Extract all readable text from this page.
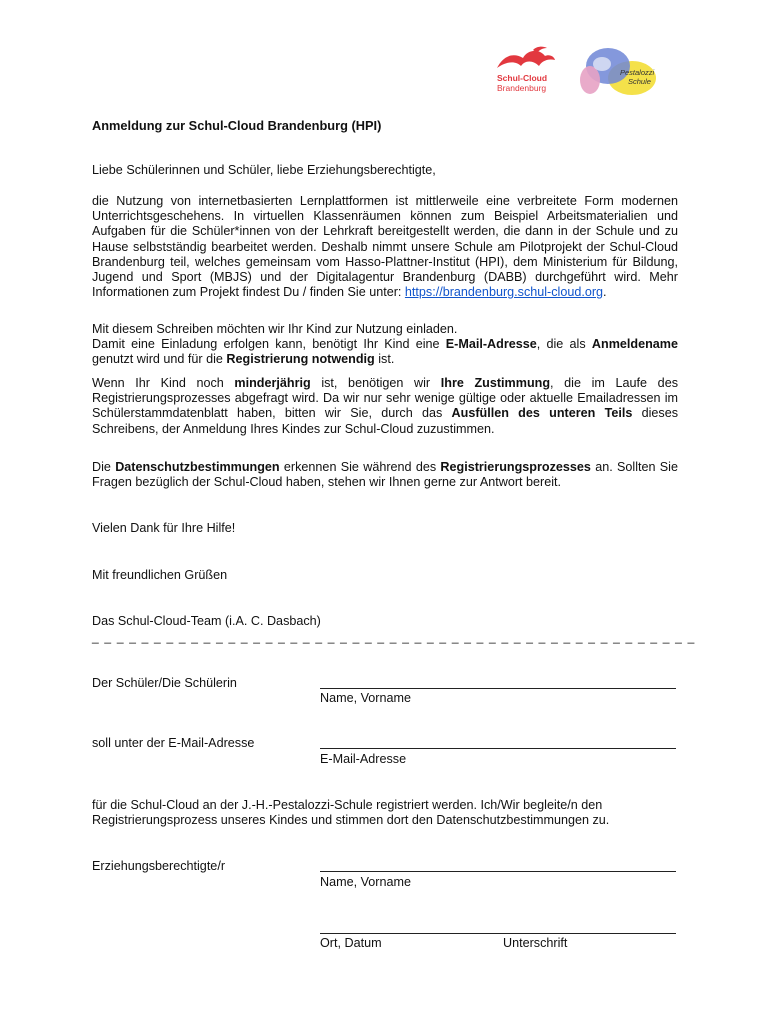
Schul-Cloud
Brandenburg
Pestalozzi
Schule
Anmeldung zur Schul-Cloud Brandenburg (HPI)
Liebe Schülerinnen und Schüler, liebe Erziehungsberechtigte,

die Nutzung von internetbasierten Lernplattformen ist mittlerweile eine verbreitete Form modernen Unterrichtsgeschehens. In virtuellen Klassenräumen können zum Beispiel Arbeitsmaterialien und Aufgaben für die Schüler*innen von der Lehrkraft bereitgestellt werden, die dann in der Schule und zu Hause selbstständig bearbeitet werden. Deshalb nimmt unsere Schule am Pilotprojekt der Schul-Cloud Brandenburg teil, welches gemeinsam vom Hasso-Plattner-Institut (HPI), dem Ministerium für Bildung, Jugend und Sport (MBJS) und der Digitalagentur Brandenburg (DABB) durchgeführt wird. Mehr Informationen zum Projekt findest Du / finden Sie unter: https://brandenburg.schul-cloud.org.

Mit diesem Schreiben möchten wir Ihr Kind zur Nutzung einladen.
Damit eine Einladung erfolgen kann, benötigt Ihr Kind eine E-Mail-Adresse, die als Anmeldename genutzt wird und für die Registrierung notwendig ist.

Wenn Ihr Kind noch minderjährig ist, benötigen wir Ihre Zustimmung, die im Laufe des Registrierungsprozesses abgefragt wird. Da wir nur sehr wenige gültige oder aktuelle Emailadressen im Schülerstammdatenblatt haben, bitten wir Sie, durch das Ausfüllen des unteren Teils dieses Schreibens, der Anmeldung Ihres Kindes zur Schul-Cloud zuzustimmen.

Die Datenschutzbestimmungen erkennen Sie während des Registrierungsprozesses an. Sollten Sie Fragen bezüglich der Schul-Cloud haben, stehen wir Ihnen gerne zur Antwort bereit.

Vielen Dank für Ihre Hilfe!
Mit freundlichen Grüßen
Das Schul-Cloud-Team (i.A. C. Dasbach)
_ _ _ _ _ _ _ _ _ _ _ _ _ _ _ _ _ _ _ _ _ _ _ _ _ _ _ _ _ _ _ _ _ _ _ _ _ _ _ _ _ _ _ _ _ _ _ _ _
Der Schüler/Die Schülerin
Name, Vorname
soll unter der E-Mail-Adresse
E-Mail-Adresse

für die Schul-Cloud an der J.-H.-Pestalozzi-Schule registriert werden. Ich/Wir begleite/n den Registrierungsprozess unseres Kindes und stimmen dort den Datenschutzbestimmungen zu.

Erziehungsberechtigte/r
Name, Vorname
Ort, Datum	Unterschrift
